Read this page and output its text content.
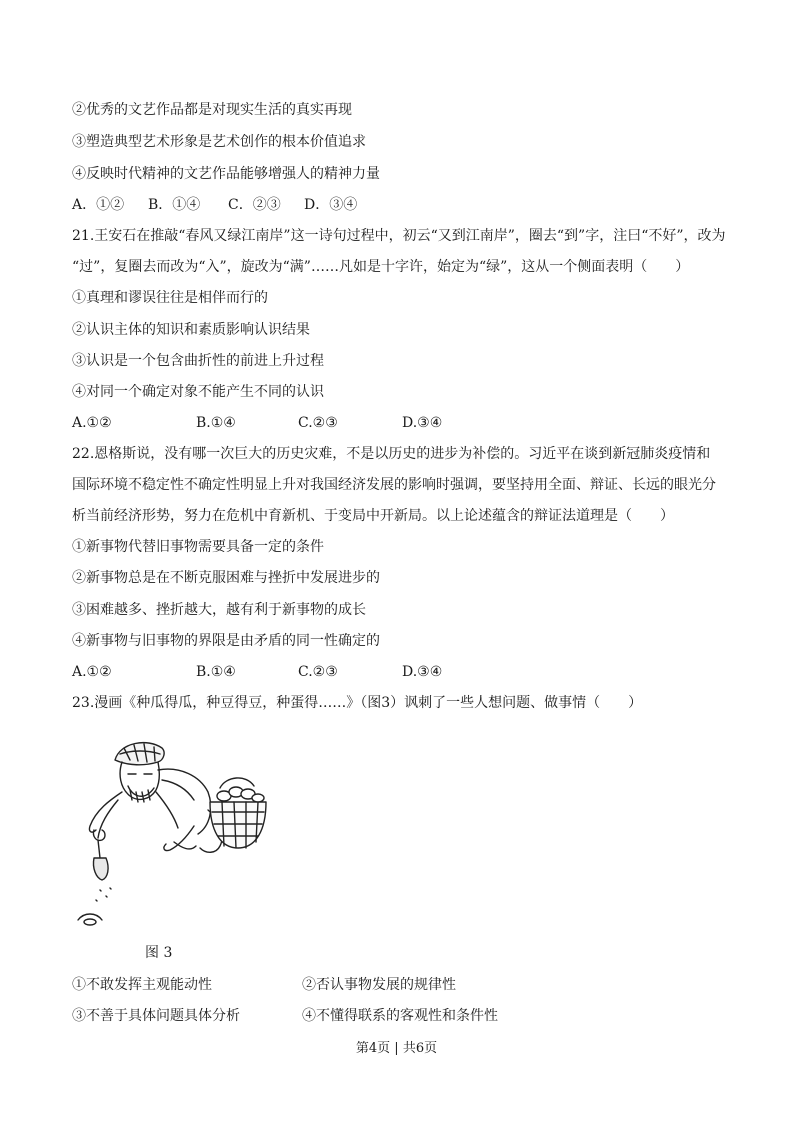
②优秀的文艺作品都是对现实生活的真实再现
③塑造典型艺术形象是艺术创作的根本价值追求
④反映时代精神的文艺作品能够增强人的精神力量
A．①② B．①④ C．②③ D．③④
21.王安石在推敲“春风又绿江南岸”这一诗句过程中，初云“又到江南岸”，圈去“到”字，注曰“不好”，改为
“过”，复圈去而改为“入”，旋改为“满”……凡如是十字许，始定为“绿”，这从一个侧面表明（　　）
①真理和谬误往往是相伴而行的
②认识主体的知识和素质影响认识结果
③认识是一个包含曲折性的前进上升过程
④对同一个确定对象不能产生不同的认识
A.①②	B.①④	C.②③	D.③④
22.恩格斯说，没有哪一次巨大的历史灾难，不是以历史的进步为补偿的。习近平在谈到新冠肺炎疫情和
国际环境不稳定性不确定性明显上升对我国经济发展的影响时强调，要坚持用全面、辩证、长远的眼光分
析当前经济形势，努力在危机中育新机、于变局中开新局。以上论述蕴含的辩证法道理是（　　）
①新事物代替旧事物需要具备一定的条件
②新事物总是在不断克服困难与挫折中发展进步的
③困难越多、挫折越大，越有利于新事物的成长
④新事物与旧事物的界限是由矛盾的同一性确定的
A.①②	B.①④	C.②③	D.③④
23.漫画《种瓜得瓜，种豆得豆，种蛋得……》（图3）讽刺了一些人想问题、做事情（　　）
图 3
①不敢发挥主观能动性	②否认事物发展的规律性
③不善于具体问题具体分析	④不懂得联系的客观性和条件性
第4页 | 共6页
